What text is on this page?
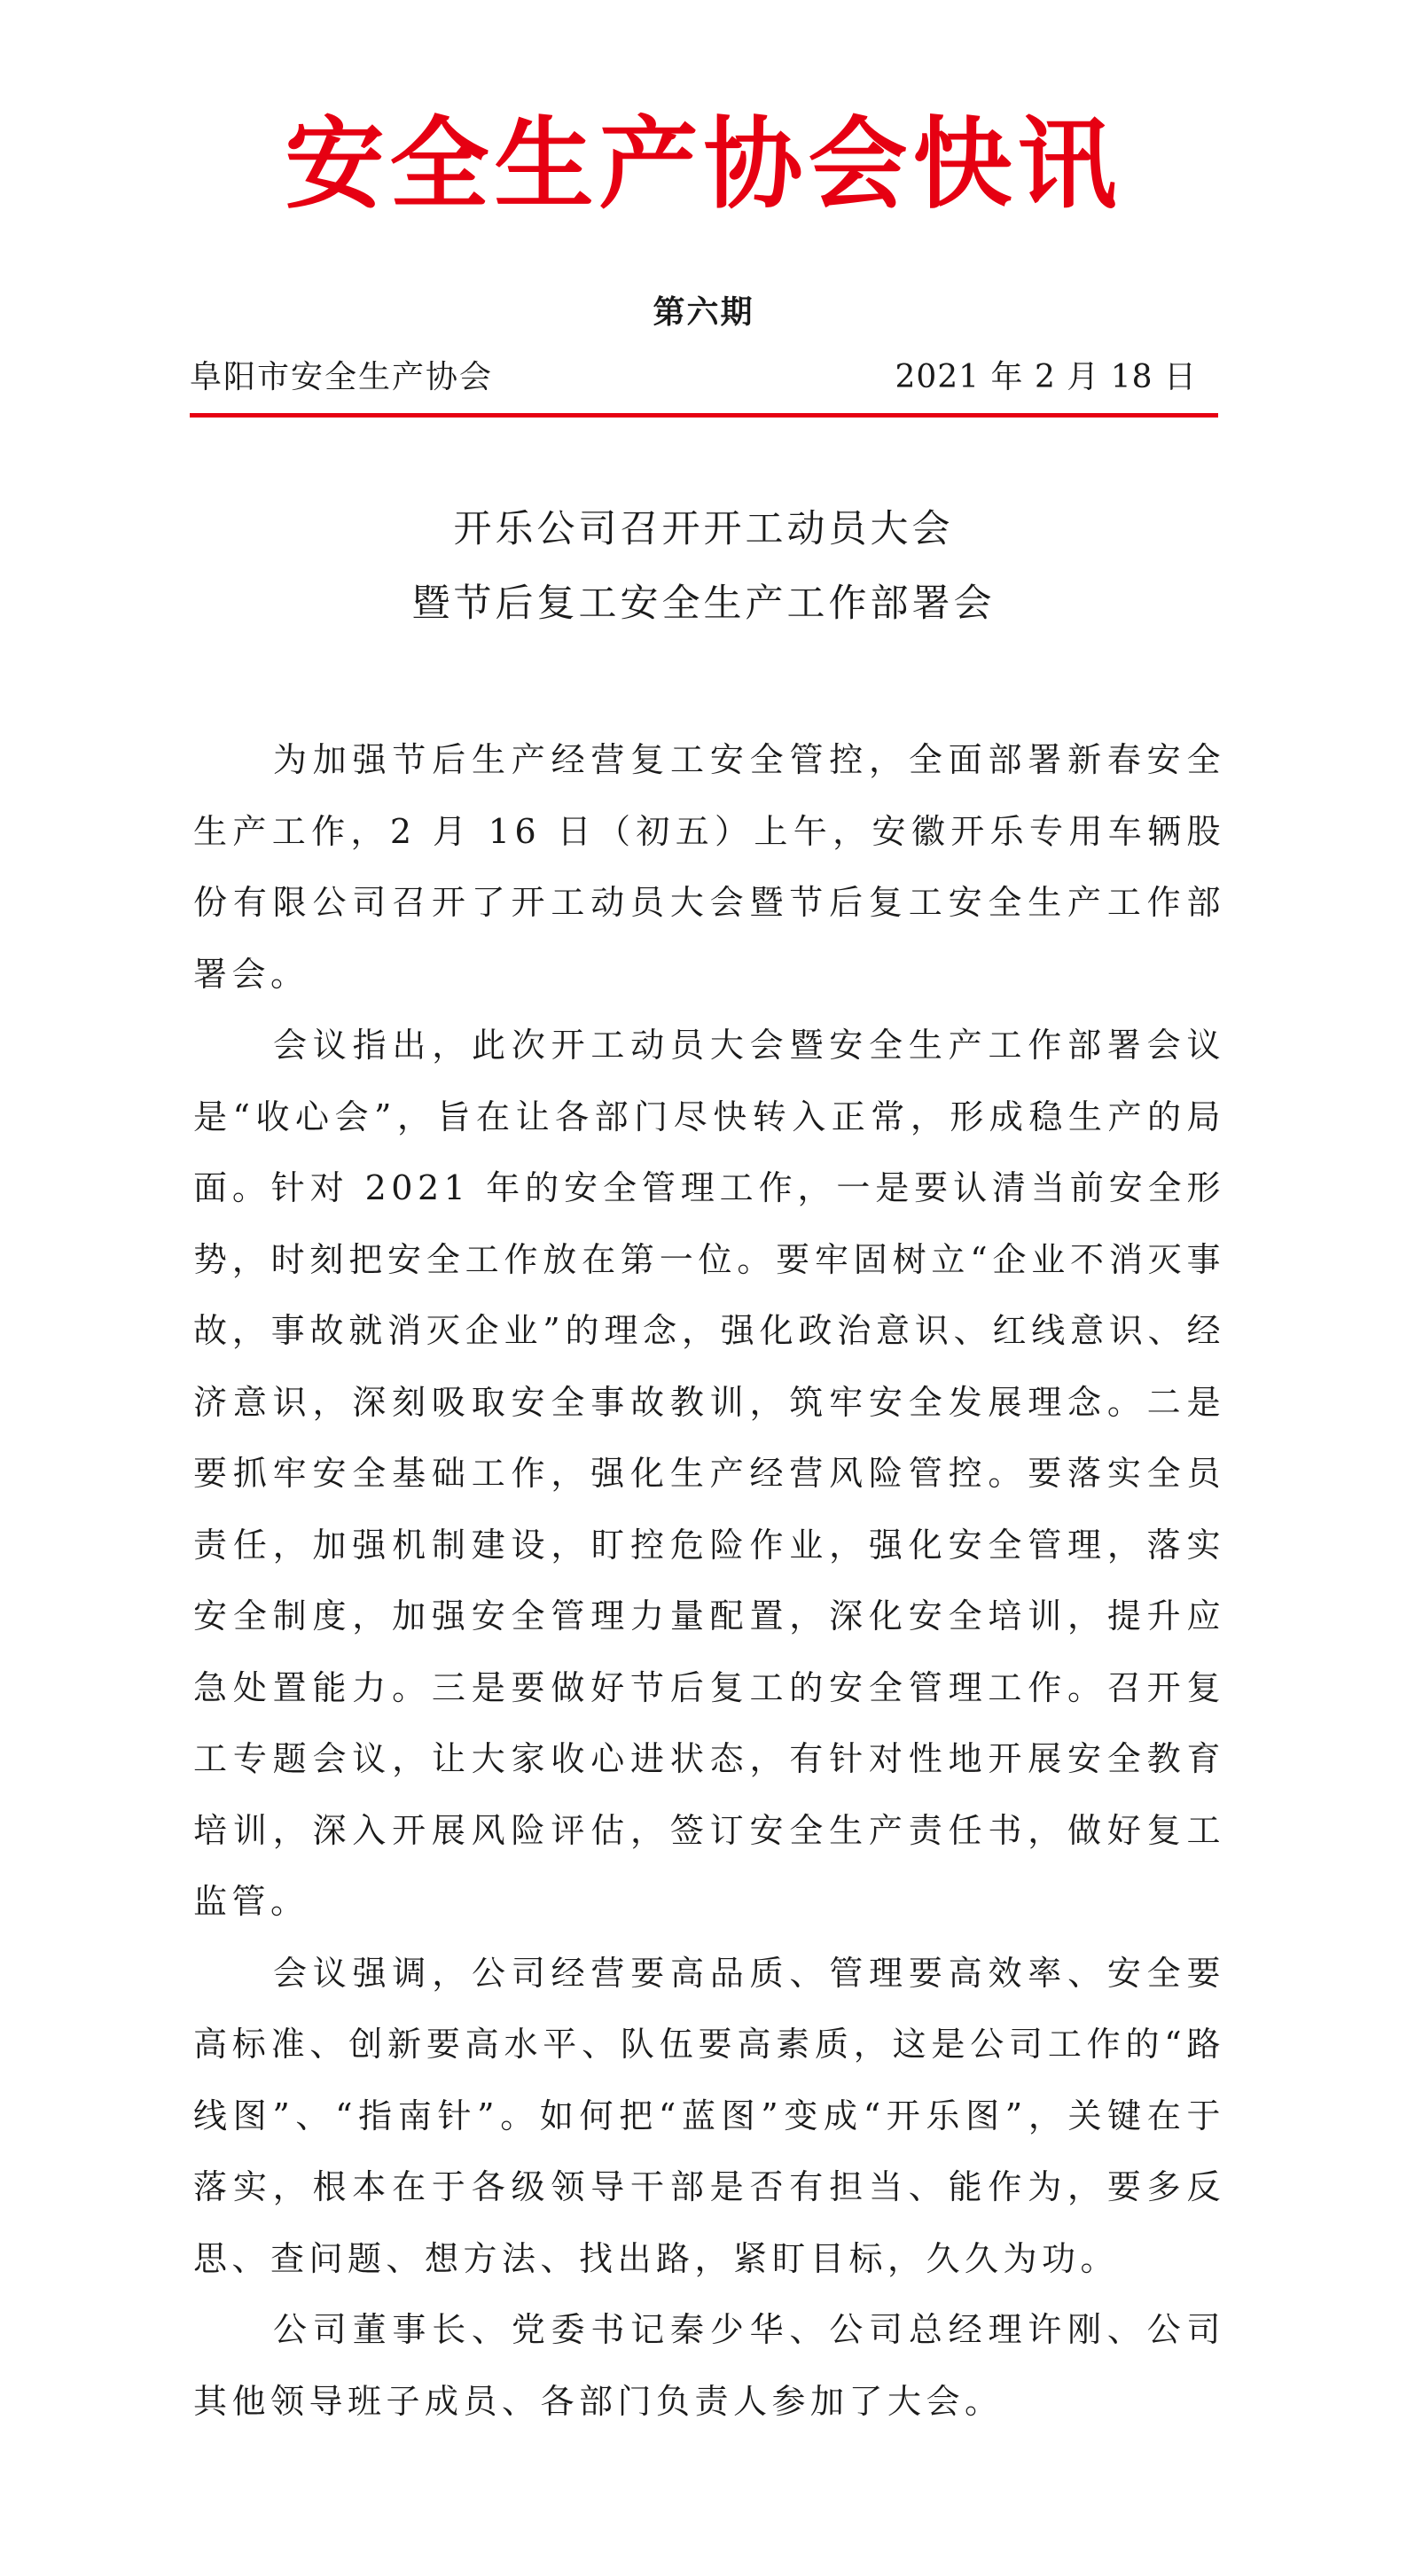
安全生产协会快讯
第六期
阜阳市安全生产协会	2021 年 2 月 18 日
开乐公司召开开工动员大会
暨节后复工安全生产工作部署会

为加强节后生产经营复工安全管控，全面部署新春安全生产工作，2 月 16 日（初五）上午，安徽开乐专用车辆股份有限公司召开了开工动员大会暨节后复工安全生产工作部署会。

会议指出，此次开工动员大会暨安全生产工作部署会议是“收心会”，旨在让各部门尽快转入正常，形成稳生产的局面。针对 2021 年的安全管理工作，一是要认清当前安全形势，时刻把安全工作放在第一位。要牢固树立“企业不消灭事故，事故就消灭企业”的理念，强化政治意识、红线意识、经济意识，深刻吸取安全事故教训，筑牢安全发展理念。二是要抓牢安全基础工作，强化生产经营风险管控。要落实全员责任，加强机制建设，盯控危险作业，强化安全管理，落实安全制度，加强安全管理力量配置，深化安全培训，提升应急处置能力。三是要做好节后复工的安全管理工作。召开复工专题会议，让大家收心进状态，有针对性地开展安全教育培训，深入开展风险评估，签订安全生产责任书，做好复工监管。

会议强调，公司经营要高品质、管理要高效率、安全要高标准、创新要高水平、队伍要高素质，这是公司工作的“路线图”、“指南针”。如何把“蓝图”变成“开乐图”，关键在于落实，根本在于各级领导干部是否有担当、能作为，要多反思、查问题、想方法、找出路，紧盯目标，久久为功。

公司董事长、党委书记秦少华、公司总经理许刚、公司其他领导班子成员、各部门负责人参加了大会。
